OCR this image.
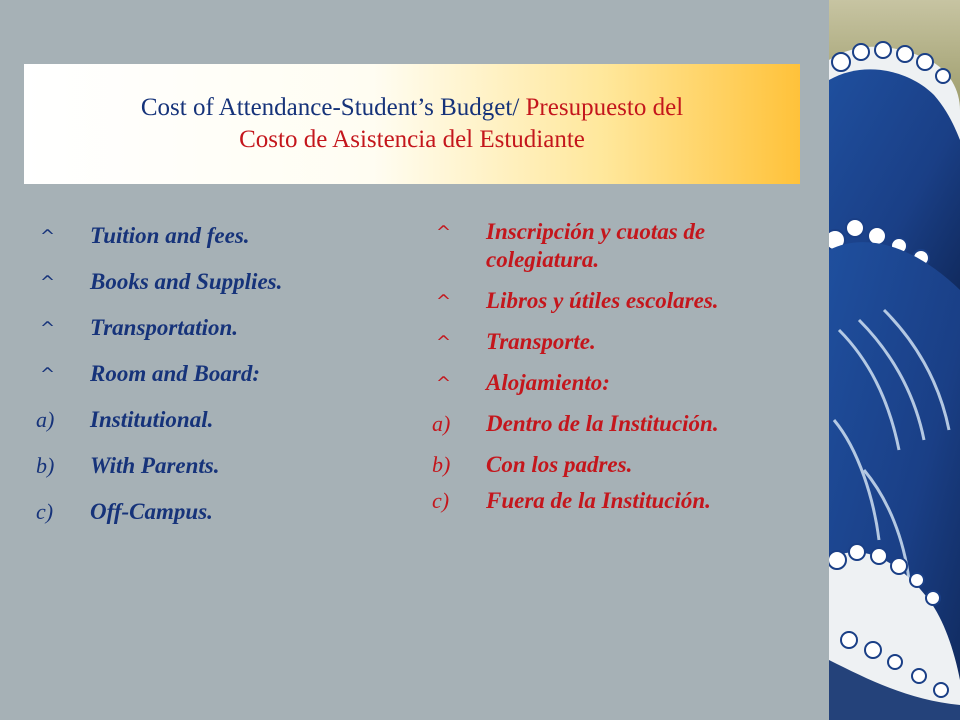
Cost of Attendance-Student’s Budget/ Presupuesto del
Costo de Asistencia del Estudiante
^	Tuition and fees.
^	Books and Supplies.
^	Transportation.
^	Room and Board:
a)	Institutional.
b)	With Parents.
c)	Off-Campus.
^	Inscripción y cuotas de colegiatura.
^	Libros y útiles escolares.
^	Transporte.
^	Alojamiento:
a)	Dentro de la Institución.
b)	Con los padres.
c)	Fuera de la Institución.
